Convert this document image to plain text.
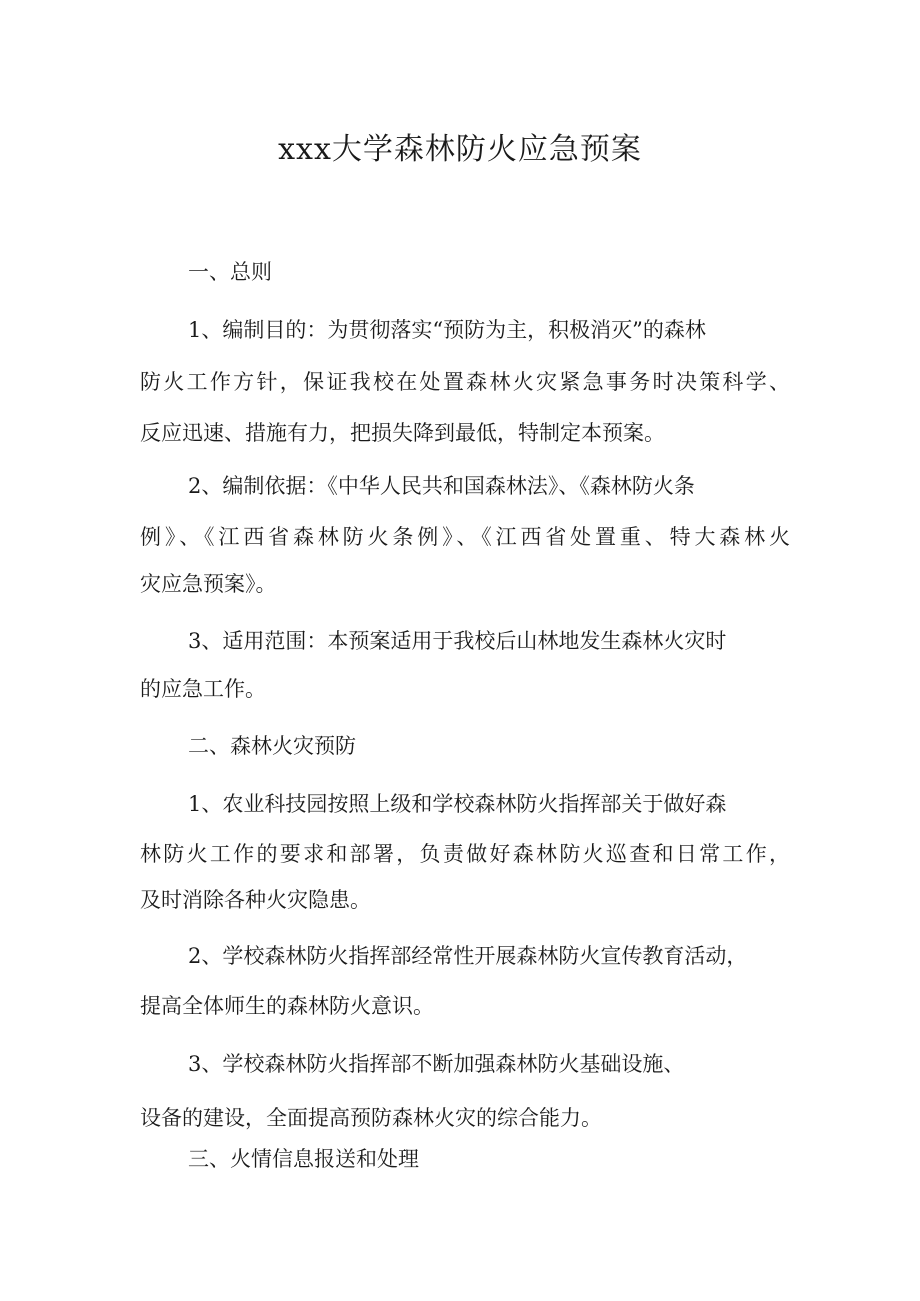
xxx大学森林防火应急预案
一、总则
1、编制目的：为贯彻落实“预防为主，积极消灭”的森林
防火工作方针，保证我校在处置森林火灾紧急事务时决策科学、
反应迅速、措施有力，把损失降到最低，特制定本预案。
2、编制依据：《中华人民共和国森林法》、《森林防火条
例》、《江西省森林防火条例》、《江西省处置重、特大森林火
灾应急预案》。
3、适用范围：本预案适用于我校后山林地发生森林火灾时
的应急工作。
二、森林火灾预防
1、农业科技园按照上级和学校森林防火指挥部关于做好森
林防火工作的要求和部署，负责做好森林防火巡查和日常工作，
及时消除各种火灾隐患。
2、学校森林防火指挥部经常性开展森林防火宣传教育活动，
提高全体师生的森林防火意识。
3、学校森林防火指挥部不断加强森林防火基础设施、
设备的建设，全面提高预防森林火灾的综合能力。
三、火情信息报送和处理
